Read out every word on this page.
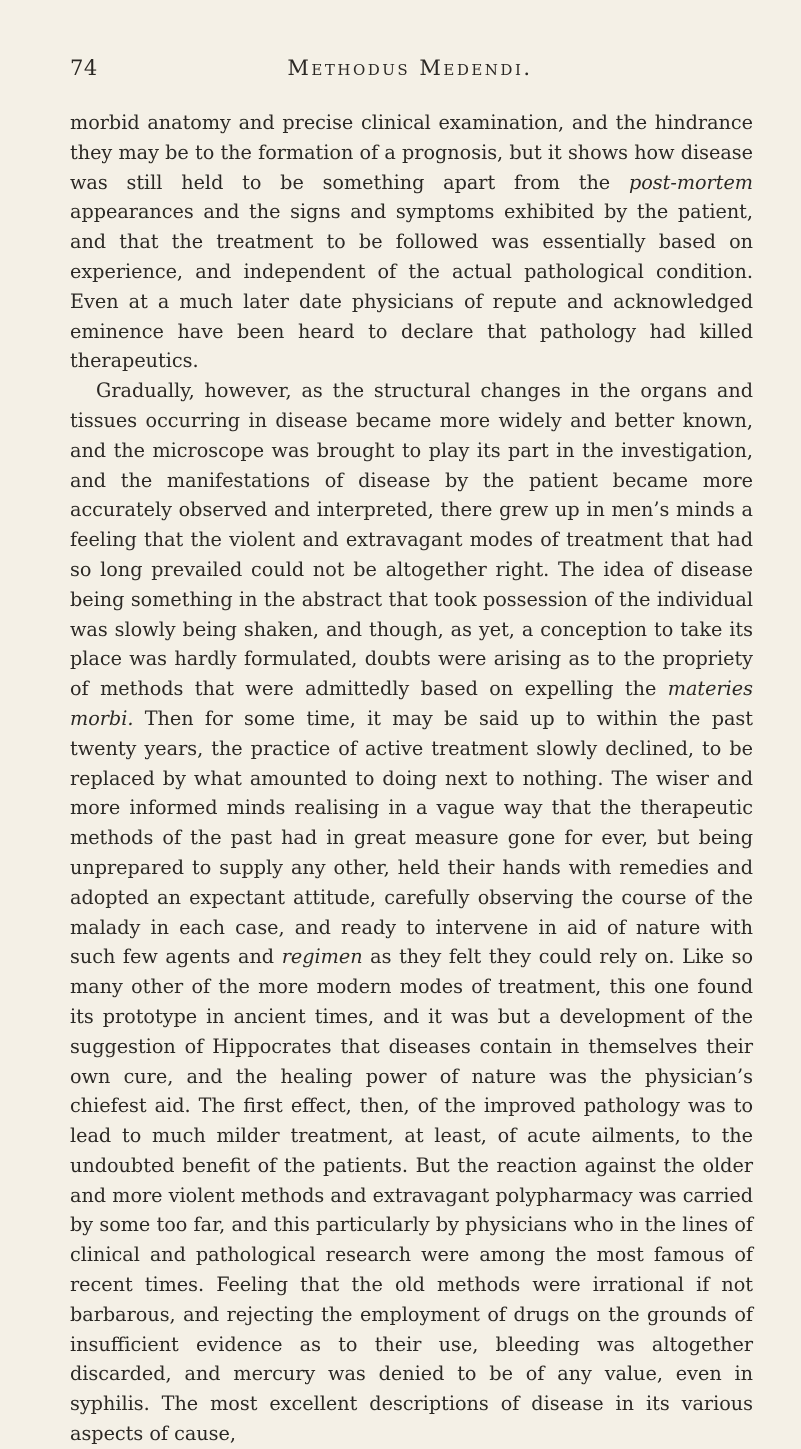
74	Methodus Medendi.

morbid anatomy and precise clinical examination, and the hindrance they may be to the formation of a prognosis, but it shows how disease was still held to be something apart from the post-mortem appearances and the signs and symptoms exhibited by the patient, and that the treatment to be followed was essentially based on experience, and independent of the actual pathological condition. Even at a much later date physicians of repute and acknowledged eminence have been heard to declare that pathology had killed therapeutics.

Gradually, however, as the structural changes in the organs and tissues occurring in disease became more widely and better known, and the microscope was brought to play its part in the investigation, and the manifestations of disease by the patient became more accurately observed and interpreted, there grew up in men’s minds a feeling that the violent and extravagant modes of treatment that had so long prevailed could not be altogether right. The idea of disease being something in the abstract that took possession of the individual was slowly being shaken, and though, as yet, a conception to take its place was hardly formulated, doubts were arising as to the propriety of methods that were admittedly based on expelling the materies morbi. Then for some time, it may be said up to within the past twenty years, the practice of active treatment slowly declined, to be replaced by what amounted to doing next to nothing. The wiser and more informed minds realising in a vague way that the therapeutic methods of the past had in great measure gone for ever, but being unprepared to supply any other, held their hands with remedies and adopted an expectant attitude, carefully observing the course of the malady in each case, and ready to intervene in aid of nature with such few agents and regimen as they felt they could rely on. Like so many other of the more modern modes of treatment, this one found its prototype in ancient times, and it was but a development of the suggestion of Hippocrates that diseases contain in themselves their own cure, and the healing power of nature was the physician’s chiefest aid. The first effect, then, of the improved pathology was to lead to much milder treatment, at least, of acute ailments, to the undoubted benefit of the patients. But the reaction against the older and more violent methods and extravagant polypharmacy was carried by some too far, and this particularly by physicians who in the lines of clinical and pathological research were among the most famous of recent times. Feeling that the old methods were irrational if not barbarous, and rejecting the employment of drugs on the grounds of insufficient evidence as to their use, bleeding was altogether discarded, and mercury was denied to be of any value, even in syphilis. The most excellent descriptions of disease in its various aspects of cause,
